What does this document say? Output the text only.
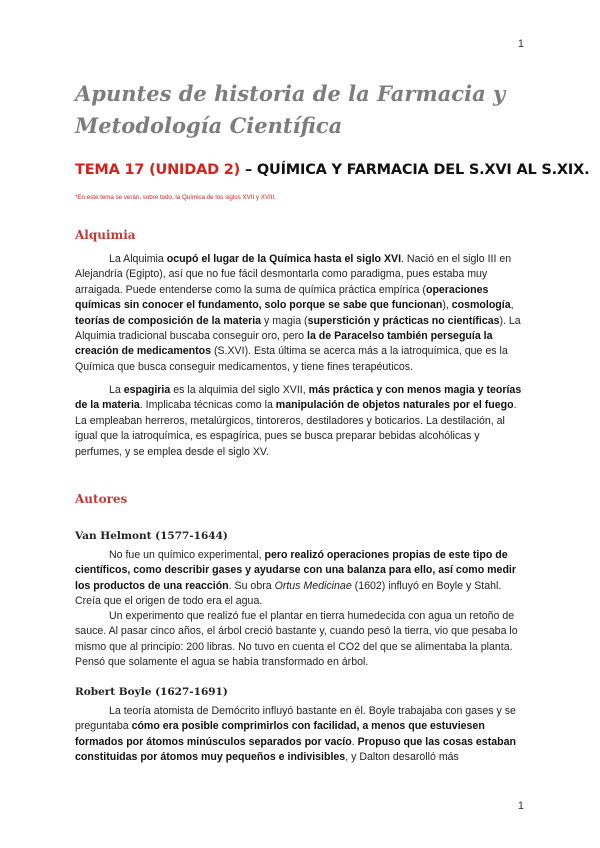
1
Apuntes de historia de la Farmacia y
Metodología Científica
TEMA 17 (UNIDAD 2) – QUÍMICA Y FARMACIA DEL S.XVI AL S.XIX.
*En este tema se verán, sobre todo, la Química de los siglos XVII y XVIII.
Alquimia
La Alquimia ocupó el lugar de la Química hasta el siglo XVI. Nació en el siglo III en Alejandría (Egipto), así que no fue fácil desmontarla como paradigma, pues estaba muy arraigada. Puede entenderse como la suma de química práctica empírica (operaciones químicas sin conocer el fundamento, solo porque se sabe que funcionan), cosmología, teorías de composición de la materia y magia (superstición y prácticas no científicas). La Alquimia tradicional buscaba conseguir oro, pero la de Paracelso también perseguía la creación de medicamentos (S.XVI). Esta última se acerca más a la iatroquímica, que es la Química que busca conseguir medicamentos, y tiene fines terapéuticos.
La espagiria es la alquimia del siglo XVII, más práctica y con menos magia y teorías de la materia. Implicaba técnicas como la manipulación de objetos naturales por el fuego. La empleaban herreros, metalúrgicos, tintoreros, destiladores y boticarios. La destilación, al igual que la iatroquímica, es espagírica, pues se busca preparar bebidas alcohólicas y perfumes, y se emplea desde el siglo XV.
Autores
Van Helmont (1577-1644)
No fue un químico experimental, pero realizó operaciones propias de este tipo de científicos, como describir gases y ayudarse con una balanza para ello, así como medir los productos de una reacción. Su obra Ortus Medicinae (1602) influyó en Boyle y Stahl. Creía que el origen de todo era el agua.
Un experimento que realizó fue el plantar en tierra humedecida con agua un retoño de sauce. Al pasar cinco años, el árbol creció bastante y, cuando pesó la tierra, vio que pesaba lo mismo que al principio: 200 libras. No tuvo en cuenta el CO2 del que se alimentaba la planta. Pensó que solamente el agua se había transformado en árbol.
Robert Boyle (1627-1691)
La teoría atomista de Demócrito influyó bastante en él. Boyle trabajaba con gases y se preguntaba cómo era posible comprimirlos con facilidad, a menos que estuviesen formados por átomos minúsculos separados por vacío. Propuso que las cosas estaban constituidas por átomos muy pequeños e indivisibles, y Dalton desarolló más
1
